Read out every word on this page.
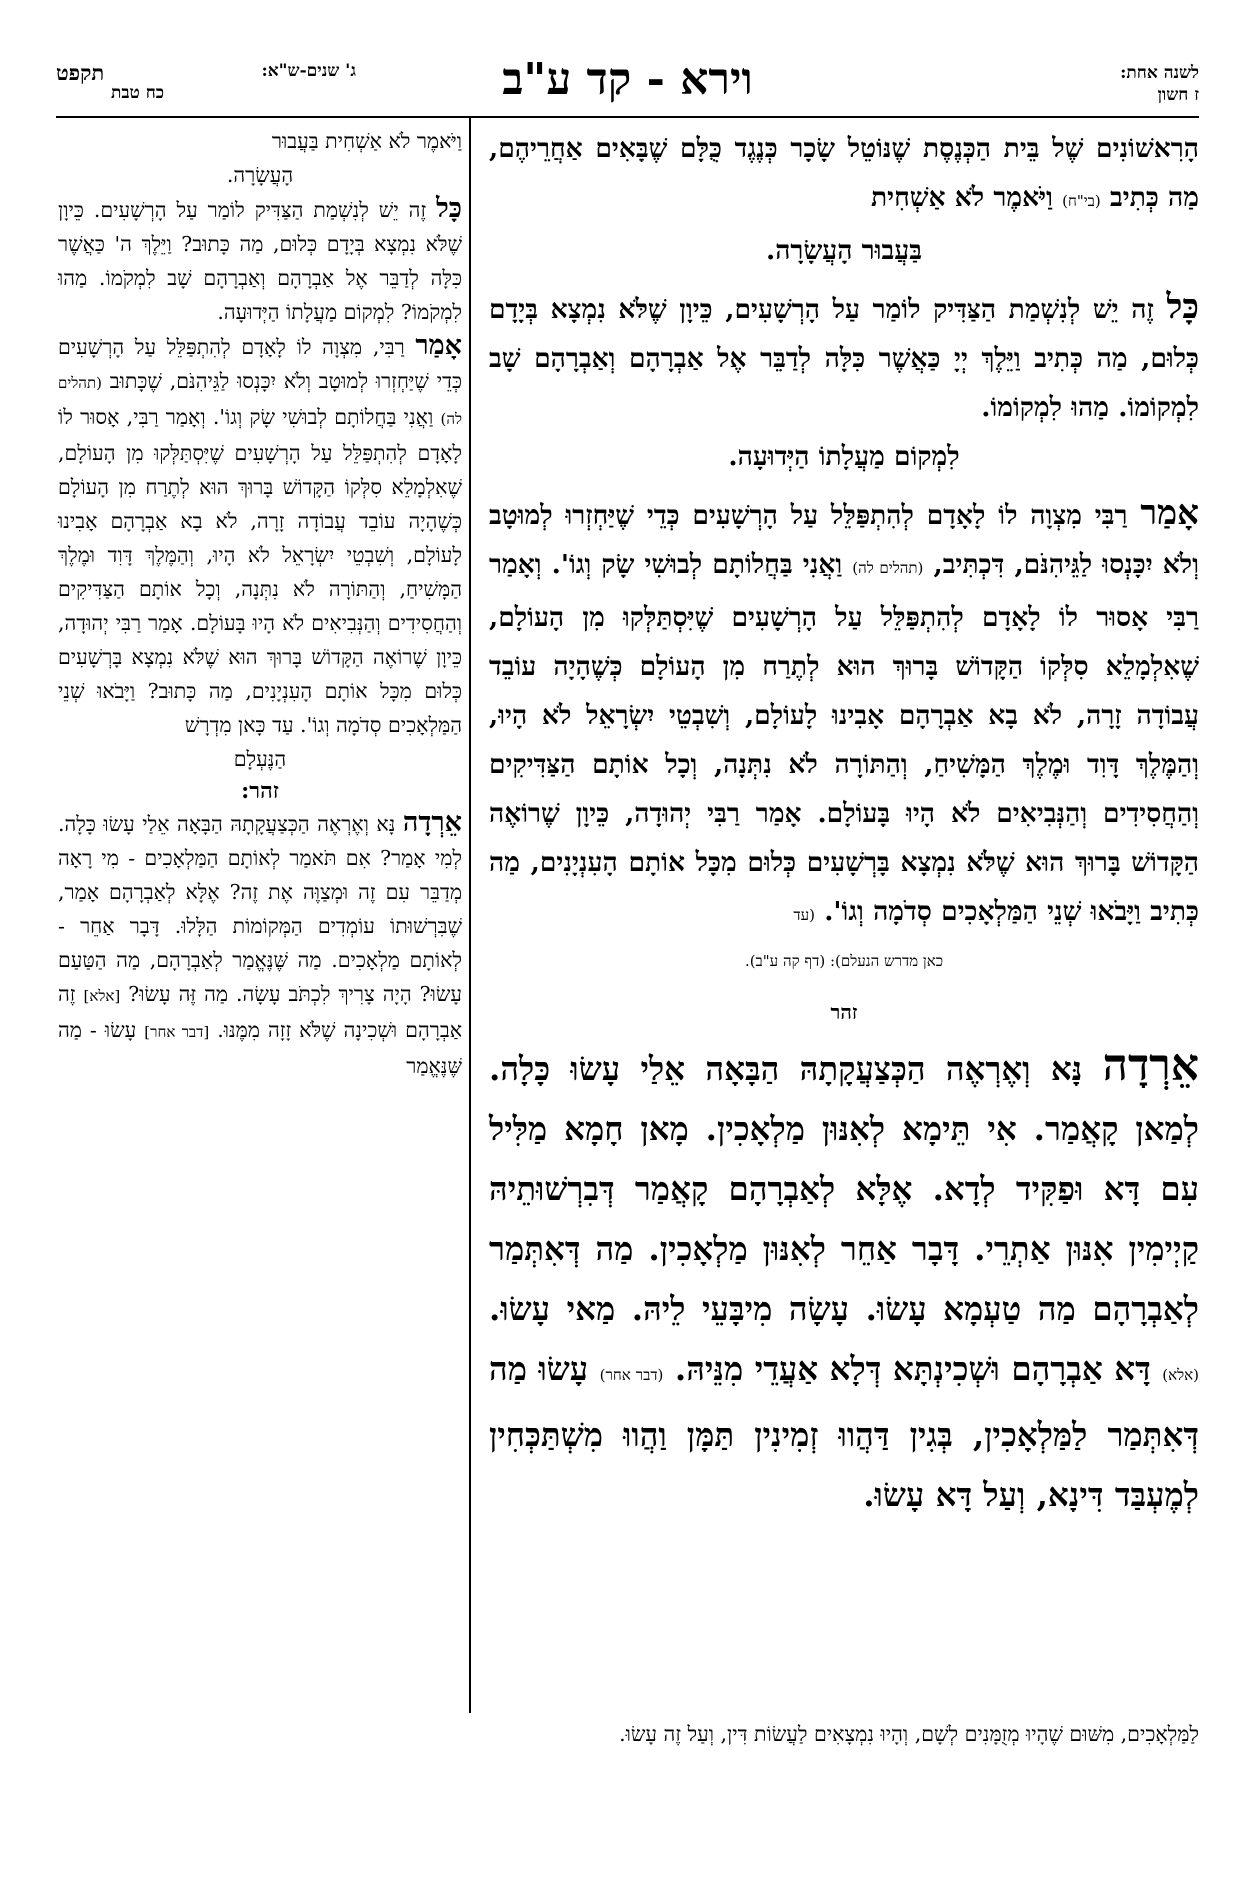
לשנה אחת:
ז חשון
וירא - קד ע"ב
ג' שנים-ש"א:
כח טבת
תקפט

הָרִאשׁוֹנִים שֶׁל בֵּית הַכְּנֶסֶת שֶׁנּוֹטֵל שָׂכָר כְּנֶגֶד כֻּלָּם שֶׁבָּאִים אַחֲרֵיהֶם, מַה כְּתִיב (בי"ח) וַיֹּאמֶר לֹא אַשְׁחִית

בַּעֲבוּר הָעֲשָׂרָה.

כָּל זֶה יֵשׁ לְנִשְׁמַת הַצַּדִּיק לוֹמַר עַל הָרְשָׁעִים, כֵּיוָן שֶׁלֹּא נִמְצָא בְּיָדָם כְּלוּם, מַה כְּתִיב וַיֵּלֶךְ יְיָ כַּאֲשֶׁר כִּלָּה לְדַבֵּר אֶל אַבְרָהָם וְאַבְרָהָם שָׁב לִמְקוֹמוֹ. מַהוּ לִמְקוֹמוֹ.

לִמְקוֹם מַעֲלָתוֹ הַיְּדוּעָה.

אָמַר רַבִּי מִצְוָה לוֹ לָאָדָם לְהִתְפַּלֵּל עַל הָרְשָׁעִים כְּדֵי שֶׁיַּחְזְרוּ לְמוּטָב וְלֹא יִכָּנְסוּ לַגֵּיהִנֹּם, דִּכְתִּיב, (תהלים לה) וַאֲנִי בַּחֲלוֹתָם לְבוּשִׁי שָׂק וְגוֹ'. וְאָמַר רַבִּי אָסוּר לוֹ לָאָדָם לְהִתְפַּלֵּל עַל הָרְשָׁעִים שֶׁיִּסְתַּלְּקוּ מִן הָעוֹלָם, שֶׁאִלְמָלֵא סִלְּקוֹ הַקָּדוֹשׁ בָּרוּךְ הוּא לְתֶרַח מִן הָעוֹלָם כְּשֶׁהָיָה עוֹבֵד עֲבוֹדָה זָרָה, לֹא בָא אַבְרָהָם אָבִינוּ לָעוֹלָם, וְשִׁבְטֵי יִשְׂרָאֵל לֹא הָיוּ, וְהַמֶּלֶךְ דָּוִד וּמֶלֶךְ הַמָּשִׁיחַ, וְהַתּוֹרָה לֹא נִתְּנָה, וְכָל אוֹתָם הַצַּדִּיקִים וְהַחֲסִידִים וְהַנְּבִיאִים לֹא הָיוּ בָּעוֹלָם. אָמַר רַבִּי יְהוּדָה, כֵּיוָן שֶׁרוֹאֶה הַקָּדוֹשׁ בָּרוּךְ הוּא שֶׁלֹּא נִמְצָא בָּרְשָׁעִים כְּלוּם מִכָּל אוֹתָם הָעִנְיָנִים, מַה כְּתִיב וַיָּבֹאוּ שְׁנֵי הַמַּלְאָכִים סְדֹמָה וְגוֹ'. (עד

כאן מדרש הנעלם): (דף קה ע"ב).
זהר

אֵרְדָה נָּא וְאֶרְאֶה הַכְּצַעֲקָתָהּ הַבָּאָה אֵלַי עָשׂוּ כָּלָה. לְמַאן קָאֲמַר. אִי תֵּימָא לְאִנּוּן מַלְאָכִין. מָאן חָמָא מַלִּיל עִם דָּא וּפַקִּיד לְדָא. אֶלָּא לְאַבְרָהָם קָאֲמַר דְּבִרְשׁוּתֵיהּ קַיְימִין אִנּוּן אַתְרֵי. דָּבָר אַחֵר לְאִנּוּן מַלְאָכִין. מַה דְּאִתְּמַר לְאַבְרָהָם מַה טַעְמָא עָשׂוּ. עָשָׂה מִיבָּעֵי לֵיהּ. מַאי עָשׂוּ. (אלא) דָּא אַבְרָהָם וּשְׁכִינְתָּא דְּלָא אַעֲדֵי מִנֵּיהּ. (דבר אחר) עָשׂוּ מַה דְּאִתְּמַר לַמַּלְאָכִין, בְּגִין דַּהֲווּ זְמִינִין תַּמָּן וַהֲווּ מִשְׁתַּכְּחִין לְמֶעְבַּד דִּינָא, וְעַל דָּא עָשׂוּ.

וַיֹּאמֶר לֹא אַשְׁחִית בַּעֲבוּר

הָעֲשָׂרָה.

כָּל זֶה יֵשׁ לְנִשְׁמַת הַצַּדִּיק לוֹמַר עַל הָרְשָׁעִים. כֵּיוָן שֶׁלֹּא נִמְצָא בְּיָדָם כְּלוּם, מַה כָּתוּב? וַיֵּלֶךְ ה' כַּאֲשֶׁר כִּלָּה לְדַבֵּר אֶל אַבְרָהָם וְאַבְרָהָם שָׁב לִמְקֹמוֹ. מַהוּ לִמְקֹמוֹ? לִמְקוֹם מַעֲלָתוֹ הַיְּדוּעָה.

אָמַר רַבִּי, מִצְוָה לוֹ לָאָדָם לְהִתְפַּלֵּל עַל הָרְשָׁעִים כְּדֵי שֶׁיַּחְזְרוּ לְמוּטָב וְלֹא יִכָּנְסוּ לַגֵּיהִנֹּם, שֶׁכָּתוּב (תהלים לה) וַאֲנִי בַּחֲלוֹתָם לְבוּשִׁי שָׂק וְגוֹ'. וְאָמַר רַבִּי, אָסוּר לוֹ לָאָדָם לְהִתְפַּלֵּל עַל הָרְשָׁעִים שֶׁיִּסְתַּלְּקוּ מִן הָעוֹלָם, שֶׁאִלְמָלֵא סִלְּקוֹ הַקָּדוֹשׁ בָּרוּךְ הוּא לְתֶרַח מִן הָעוֹלָם כְּשֶׁהָיָה עוֹבֵד עֲבוֹדָה זָרָה, לֹא בָא אַבְרָהָם אָבִינוּ לָעוֹלָם, וְשִׁבְטֵי יִשְׂרָאֵל לֹא הָיוּ, וְהַמֶּלֶךְ דָּוִד וּמֶלֶךְ הַמָּשִׁיחַ, וְהַתּוֹרָה לֹא נִתְּנָה, וְכָל אוֹתָם הַצַּדִּיקִים וְהַחֲסִידִים וְהַנְּבִיאִים לֹא הָיוּ בָּעוֹלָם. אָמַר רַבִּי יְהוּדָה, כֵּיוָן שֶׁרוֹאֶה הַקָּדוֹשׁ בָּרוּךְ הוּא שֶׁלֹּא נִמְצָא בָּרְשָׁעִים כְּלוּם מִכָּל אוֹתָם הָעִנְיָנִים, מַה כָּתוּב? וַיָּבֹאוּ שְׁנֵי הַמַּלְאָכִים סְדֹמָה וְגוֹ'. עַד כָּאן מִדְרָשׁ

הַנֶּעְלָם

זהר:

אֵרְדָה נָּא וְאֶרְאֶה הַכְּצַעֲקָתָהּ הַבָּאָה אֵלַי עָשׂוּ כָּלָה. לְמִי אָמַר? אִם תֹּאמַר לְאוֹתָם הַמַּלְאָכִים - מִי רָאָה מְדַבֵּר עִם זֶה וּמְצַוֶּה אֶת זֶה? אֶלָּא לְאַבְרָהָם אָמַר, שֶׁבִּרְשׁוּתוֹ עוֹמְדִים הַמְּקוֹמוֹת הַלָּלוּ. דָּבָר אַחֵר - לְאוֹתָם מַלְאָכִים. מַה שֶּׁנֶּאֱמַר לְאַבְרָהָם, מַה הַטַּעַם עָשׂוּ? הָיָה צָרִיךְ לִכְתֹּב עָשָׂה. מַה זֶּה עָשׂוּ? [אלא] זֶה אַבְרָהָם וּשְׁכִינָה שֶׁלֹּא זָזָה מִמֶּנּוּ. [דבר אחר] עָשׂוּ - מַה שֶּׁנֶּאֱמַר

לַמַּלְאָכִים, מִשּׁוּם שֶׁהָיוּ מְזֻמָּנִים לְשָׁם, וְהָיוּ נִמְצָאִים לַעֲשׂוֹת דִּין, וְעַל זֶה עָשׂוּ.
